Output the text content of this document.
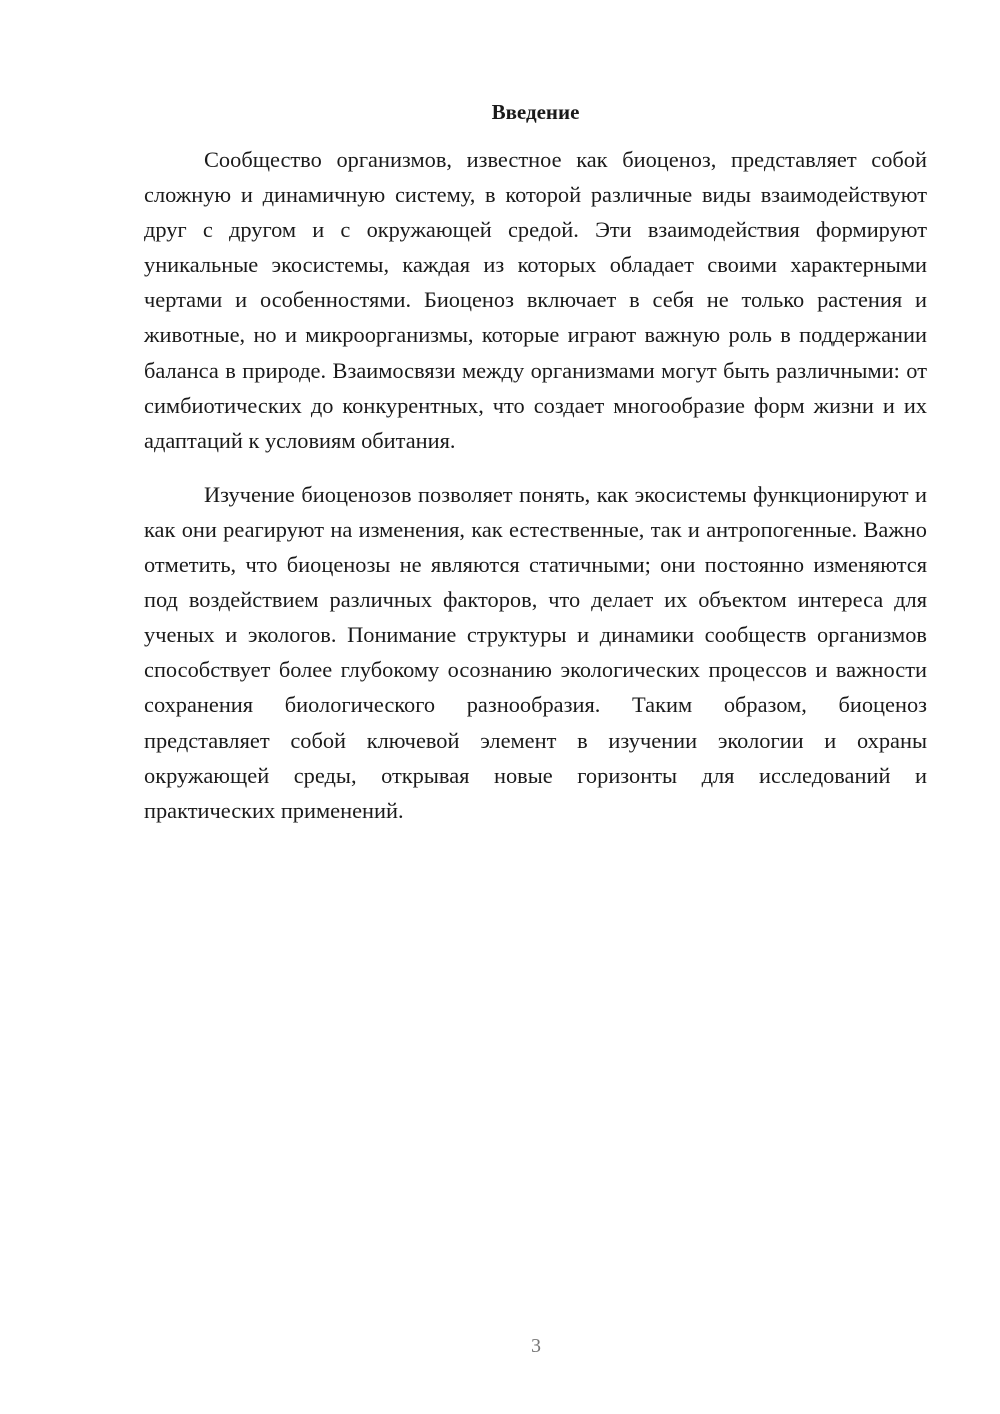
Введение

Сообщество организмов, известное как биоценоз, представляет собой сложную и динамичную систему, в которой различные виды взаимодействуют друг с другом и с окружающей средой. Эти взаимодействия формируют уникальные экосистемы, каждая из которых обладает своими характерными чертами и особенностями. Биоценоз включает в себя не только растения и животные, но и микроорганизмы, которые играют важную роль в поддержании баланса в природе. Взаимосвязи между организмами могут быть различными: от симбиотических до конкурентных, что создает многообразие форм жизни и их адаптаций к условиям обитания.

Изучение биоценозов позволяет понять, как экосистемы функционируют и как они реагируют на изменения, как естественные, так и антропогенные. Важно отметить, что биоценозы не являются статичными; они постоянно изменяются под воздействием различных факторов, что делает их объектом интереса для ученых и экологов. Понимание структуры и динамики сообществ организмов способствует более глубокому осознанию экологических процессов и важности сохранения биологического разнообразия. Таким образом, биоценоз представляет собой ключевой элемент в изучении экологии и охраны окружающей среды, открывая новые горизонты для исследований и практических применений.

3
